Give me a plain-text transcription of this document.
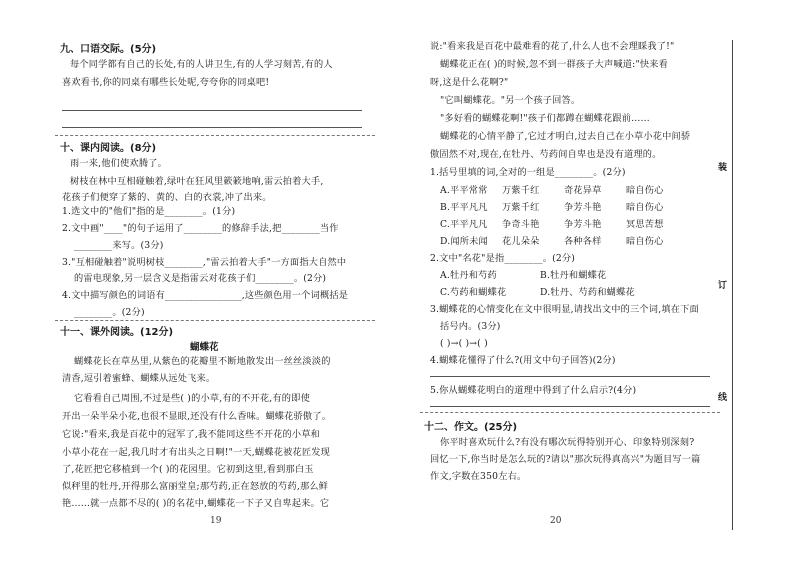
九、口语交际。(5分)
每个同学都有自己的长处,有的人讲卫生,有的人学习刻苦,有的人
喜欢看书,你的同桌有哪些长处呢,夸夸你的同桌吧!
十、课内阅读。(8分)
雨一来,他们使欢腾了。
树枝在林中互相碰触着,绿叶在狂风里簌簌地响,雷云拍着大手,
花孩子们便穿了紫的、黄的、白的衣裳,冲了出来。
1.选文中的"他们"指的是________。(1分)
2.文中画"____"的句子运用了________的修辞手法,把________当作
________来写。(3分)
3."互相碰触着"说明树枝________,"雷云拍着大手"一方面指大自然中
的雷电现象,另一层含义是指雷云对花孩子们________。(2分)
4.文中描写颜色的词语有________________,这些颜色用一个词概括是
________。(2分)
十一、课外阅读。(12分)
蝴蝶花
蝴蝶花长在草丛里,从紫色的花瓣里不断地散发出一丝丝淡淡的
清香,逗引着蜜蜂、蝴蝶从远处飞来。
它看看自己周围,不过是些( )的小草,有的不开花,有的即使
开出一朵半朵小花,也很不显眼,还没有什么香味。蝴蝶花骄傲了。
它说:"看来,我是百花中的冠军了,我不能同这些不开花的小草和
小草小花在一起,我几时才有出头之日啊!"一天,蝴蝶花被花匠发现
了,花匠把它移植到一个( )的花园里。它初到这里,看到那白玉
似秤里的牡丹,开得那么富丽堂皇;那芍药,正在怒放的芍药,那么鲜
艳……就一点都不尽的( )的名花中,蝴蝶花一下子又自卑起来。它
19
说:"看来我是百花中最难看的花了,什么人也不会理睬我了!"
蝴蝶花正在( )的时候,忽不到一群孩子大声喊道:"快来看
呀,这是什么花啊?"
"它叫蝴蝶花。"另一个孩子回答。
"多好看的蝴蝶花啊!"孩子们都蹲在蝴蝶花跟前……
蝴蝶花的心情平静了,它过才明白,过去自己在小草小花中间骄
傲固然不对,现在,在牡丹、芍药间自卑也是没有道理的。
1.括号里填的词,全对的一组是________。(2分)
A.平平常常 万紫千红	奇花异草	暗自伤心
B.平平凡凡 万紫千红	争芳斗艳	暗自伤心
C.平平凡凡 争奇斗艳	争芳斗艳	冥思苦想
D.闻所未闻 花儿朵朵	各种各样	暗自伤心
2.文中"名花"是指________。(2分)
A.牡丹和芍药	B.牡丹和蝴蝶花
C.芍药和蝴蝶花	D.牡丹、芍药和蝴蝶花
3.蝴蝶花的心情变化在文中很明显,请找出文中的三个词,填在下面
括号内。(3分)
( )→( )→( )
4.蝴蝶花懂得了什么?(用文中句子回答)(2分)
5.你从蝴蝶花明白的道理中得到了什么启示?(4分)
十二、作文。(25分)
你平时喜欢玩什么?有没有哪次玩得特别开心、印象特别深刻?
回忆一下,你当时是怎么玩的?请以"那次玩得真高兴"为题目写一篇
作文,字数在350左右。
20
装
订
线
